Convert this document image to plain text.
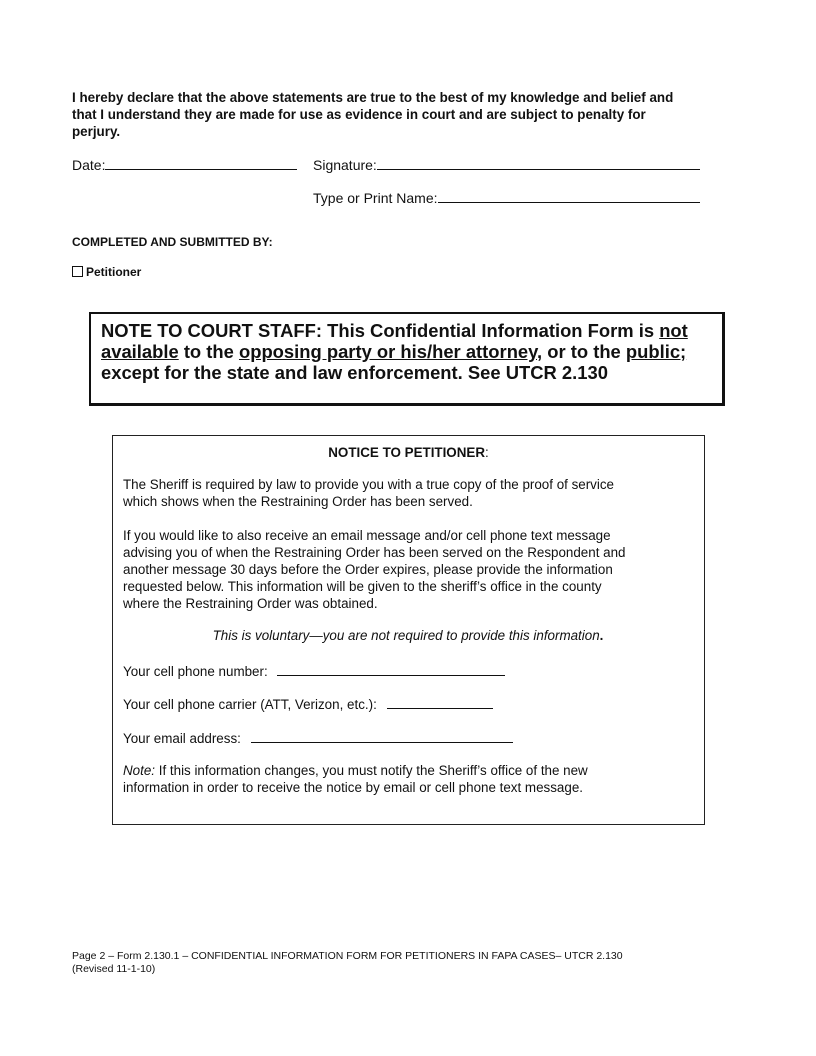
I hereby declare that the above statements are true to the best of my knowledge and belief and
that I understand they are made for use as evidence in court and are subject to penalty for
perjury.
Date:	Signature:
Type or Print Name:
COMPLETED AND SUBMITTED BY:
Petitioner
NOTE TO COURT STAFF: This Confidential Information Form is not
available to the opposing party or his/her attorney, or to the public;
except for the state and law enforcement. See UTCR 2.130
NOTICE TO PETITIONER:
The Sheriff is required by law to provide you with a true copy of the proof of service
which shows when the Restraining Order has been served.
If you would like to also receive an email message and/or cell phone text message
advising you of when the Restraining Order has been served on the Respondent and
another message 30 days before the Order expires, please provide the information
requested below. This information will be given to the sheriff’s office in the county
where the Restraining Order was obtained.
This is voluntary—you are not required to provide this information.
Your cell phone number:
Your cell phone carrier (ATT, Verizon, etc.):
Your email address:
Note: If this information changes, you must notify the Sheriff’s office of the new
information in order to receive the notice by email or cell phone text message.
Page 2 – Form 2.130.1 – CONFIDENTIAL INFORMATION FORM FOR PETITIONERS IN FAPA CASES– UTCR 2.130
(Revised 11-1-10)
